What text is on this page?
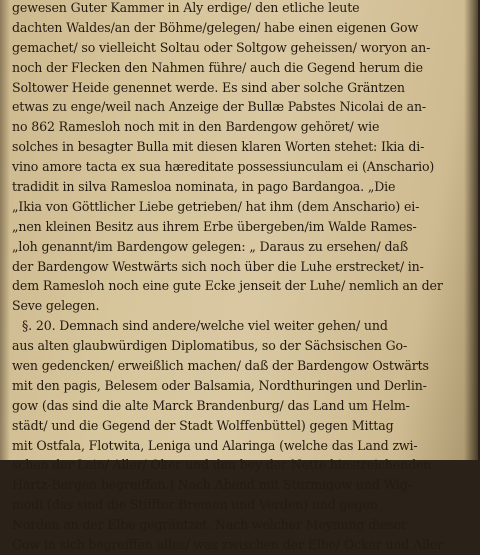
gewesen Guter Kammer in Aly erdige/ den etliche leute
dachten Waldes/an der Böhme/gelegen/ habe einen eigenen Gow
gemachet/ so vielleicht Soltau oder Soltgow geheissen/ woryon an-
noch der Flecken den Nahmen führe/ auch die Gegend herum die
Soltower Heide genennet werde. Es sind aber solche Gräntzen
etwas zu enge/weil nach Anzeige der Bullæ Pabstes Nicolai de an-
no 862 Ramesloh noch mit in den Bardengow gehöret/ wie
solches in besagter Bulla mit diesen klaren Worten stehet: Ikia di-
vino amore tacta ex sua hæreditate possessiunculam ei (Anschario)
tradidit in silva Ramesloa nominata, in pago Bardangoa. „Die
„Ikia von Göttlicher Liebe getrieben/ hat ihm (dem Anschario) ei-
„nen kleinen Besitz aus ihrem Erbe übergeben/im Walde Rames-
„loh genannt/im Bardengow gelegen: „ Daraus zu ersehen/ daß
der Bardengow Westwärts sich noch über die Luhe erstrecket/ in-
dem Ramesloh noch eine gute Ecke jenseit der Luhe/ nemlich an der
Seve gelegen.
§. 20. Demnach sind andere/welche viel weiter gehen/ und
aus alten glaubwürdigen Diplomatibus, so der Sächsischen Go-
wen gedencken/ erweißlich machen/ daß der Bardengow Ostwärts
mit den pagis, Belesem oder Balsamia, Nordthuringen und Derlin-
gow (das sind die alte Marck Brandenburg/ das Land um Helm-
städt/ und die Gegend der Stadt Wolffenbüttel) gegen Mittag
mit Ostfala, Flotwita, Leniga und Alaringa (welche das Land zwi-
schen der Lein/ Aller/ Oker und den bey der Nette hinstreichenden
Hartz-Bergen begreiffen.) Nach Abend mit Sturmigow und Wig-
modi (das sind die Stiffter Bremen und Verden) und gegen
Norden an der Elbe gegräntzet. Nach welcher Meynung dieser
Gow in sich begreiffen alles/ was zwischen der Elbe/ Ocker und Aller
